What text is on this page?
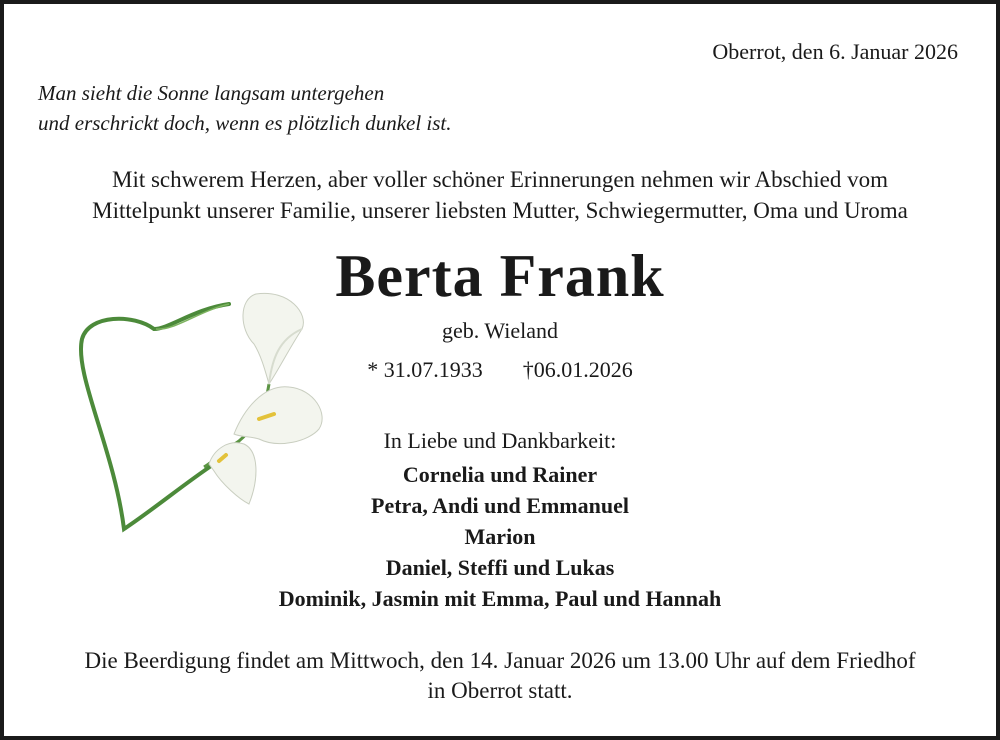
Oberrot, den 6. Januar 2026
Man sieht die Sonne langsam untergehen
und erschrickt doch, wenn es plötzlich dunkel ist.
Mit schwerem Herzen, aber voller schöner Erinnerungen nehmen wir Abschied vom
Mittelpunkt unserer Familie, unserer liebsten Mutter, Schwiegermutter, Oma und Uroma
Berta Frank
geb. Wieland
* 31.07.1933 †06.01.2026
In Liebe und Dankbarkeit:
Cornelia und Rainer
Petra, Andi und Emmanuel
Marion
Daniel, Steffi und Lukas
Dominik, Jasmin mit Emma, Paul und Hannah
Die Beerdigung findet am Mittwoch, den 14. Januar 2026 um 13.00 Uhr auf dem Friedhof
in Oberrot statt.
